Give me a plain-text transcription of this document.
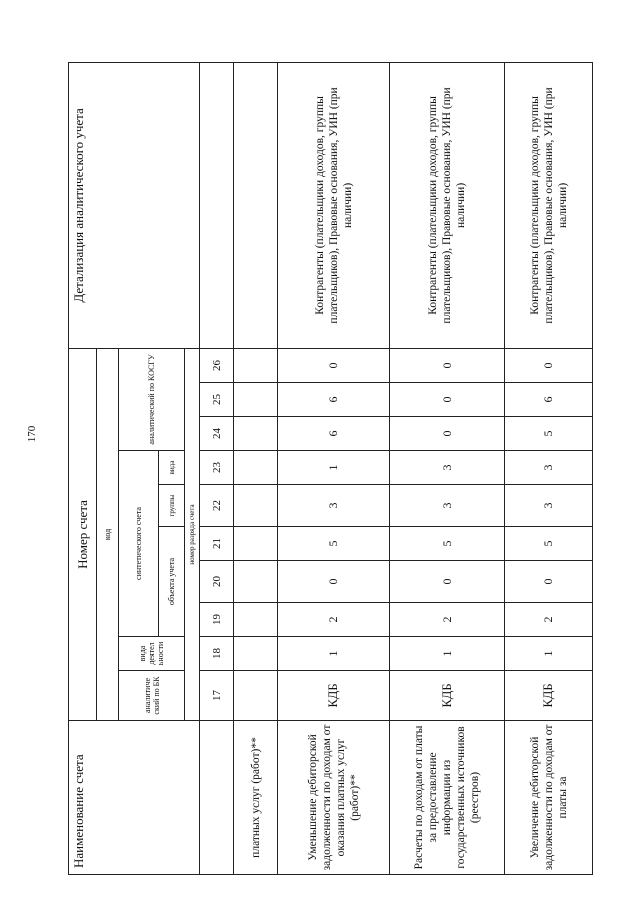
170
Наименование счета	Номер счета										Детализация аналитического учета
	код										
	аналитиче ский по БК	вида деятел ьности	синтетического счета					аналитический по КОСГУ			
			объекта учета			группы	вида				
	номер разряда счета										
	17	18	19	20	21	22	23	24	25	26	
платных услуг (работ)**											
Уменьшение дебиторской задолженности по доходам от оказания платных услуг (работ)**	КДБ	1	2	0	5	3	1	6	6	0	Контрагенты (плательщики доходов, группы плательщиков), Правовые основания, УИН (при наличии)
Расчеты по доходам от платы за предоставление информации из государственных источников (реестров)	КДБ	1	2	0	5	3	3	0	0	0	Контрагенты (плательщики доходов, группы плательщиков), Правовые основания, УИН (при наличии)
Увеличение дебиторской задолженности по доходам от платы за	КДБ	1	2	0	5	3	3	5	6	0	Контрагенты (плательщики доходов, группы плательщиков), Правовые основания, УИН (при наличии)
